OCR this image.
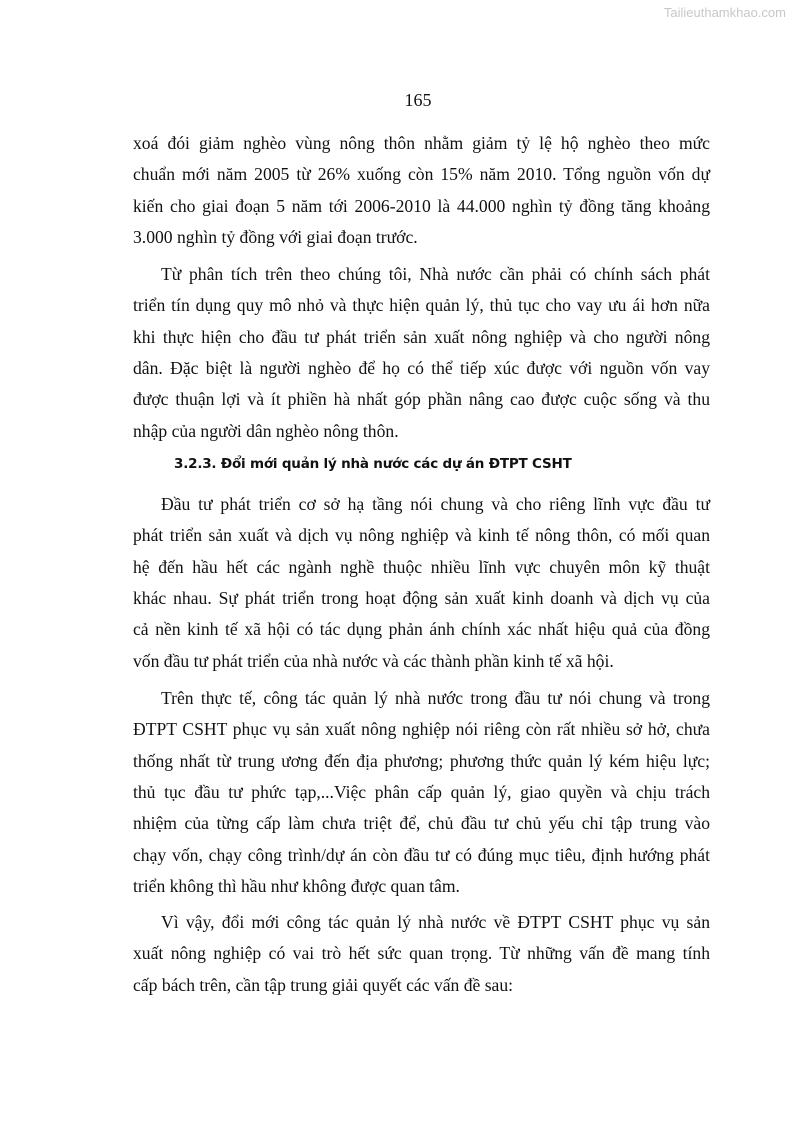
Tailieuthamkhao.com
165
3.2.3. Đổi mới quản lý nhà nước các dự án ĐTPT CSHT
xoá đói giảm nghèo vùng nông thôn nhằm giảm tỷ lệ hộ nghèo theo mức
chuẩn mới năm 2005 từ 26% xuống còn 15% năm 2010. Tổng nguồn vốn dự
kiến cho giai đoạn 5 năm tới 2006-2010 là 44.000 nghìn tỷ đồng tăng khoảng
3.000 nghìn tỷ đồng với giai đoạn trước.
Từ phân tích trên theo chúng tôi, Nhà nước cần phải có chính sách phát
triển tín dụng quy mô nhỏ và thực hiện quản lý, thủ tục cho vay ưu ái hơn nữa
khi thực hiện cho đầu tư phát triển sản xuất nông nghiệp và cho người nông
dân. Đặc biệt là người nghèo để họ có thể tiếp xúc được với nguồn vốn vay
được thuận lợi và ít phiền hà nhất góp phần nâng cao được cuộc sống và thu
nhập của người dân nghèo nông thôn.
Đầu tư phát triển cơ sở hạ tầng nói chung và cho riêng lĩnh vực đầu tư
phát triển sản xuất và dịch vụ nông nghiệp và kinh tế nông thôn, có mối quan
hệ đến hầu hết các ngành nghề thuộc nhiều lĩnh vực chuyên môn kỹ thuật
khác nhau. Sự phát triển trong hoạt động sản xuất kinh doanh và dịch vụ của
cả nền kinh tế xã hội có tác dụng phản ánh chính xác nhất hiệu quả của đồng
vốn đầu tư phát triển của nhà nước và các thành phần kinh tế xã hội.
Trên thực tế, công tác quản lý nhà nước trong đầu tư nói chung và trong
ĐTPT CSHT phục vụ sản xuất nông nghiệp nói riêng còn rất nhiều sở hở, chưa
thống nhất từ trung ương đến địa phương; phương thức quản lý kém hiệu lực;
thủ tục đầu tư phức tạp,...Việc phân cấp quản lý, giao quyền và chịu trách
nhiệm của từng cấp làm chưa triệt để, chủ đầu tư chủ yếu chỉ tập trung vào
chạy vốn, chạy công trình/dự án còn đầu tư có đúng mục tiêu, định hướng phát
triển không thì hầu như không được quan tâm.
Vì vậy, đổi mới công tác quản lý nhà nước về ĐTPT CSHT phục vụ sản
xuất nông nghiệp có vai trò hết sức quan trọng. Từ những vấn đề mang tính
cấp bách trên, cần tập trung giải quyết các vấn đề sau:
